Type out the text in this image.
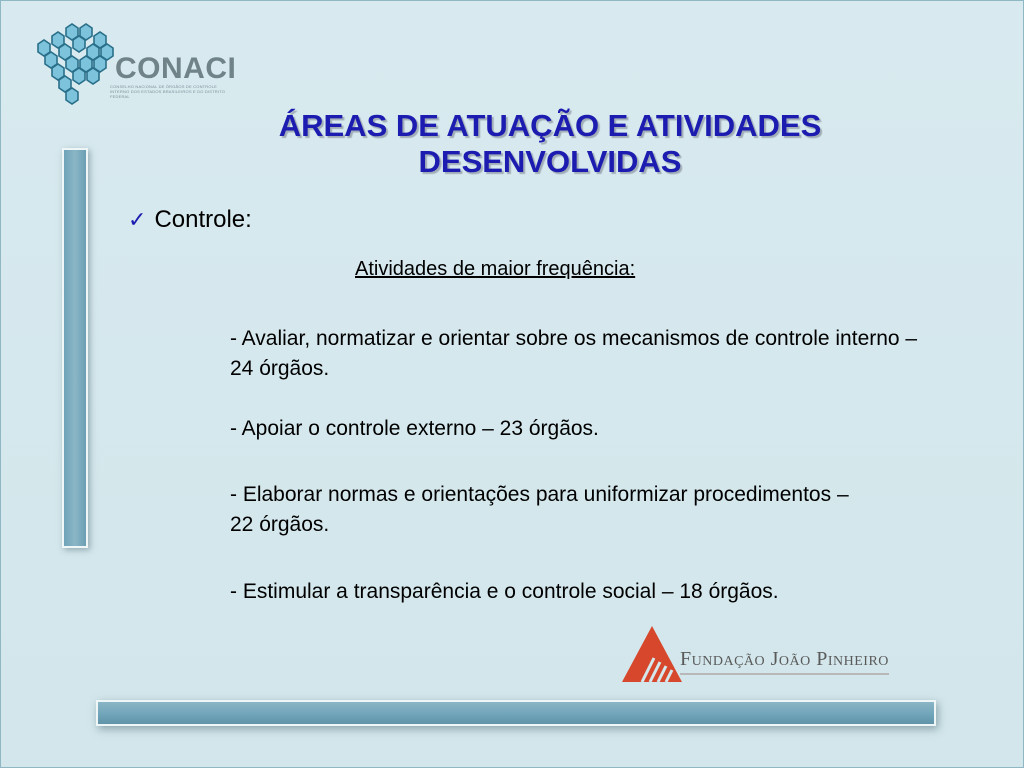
CONACI
CONSELHO NACIONAL DE ÓRGÃOS DE CONTROLE INTERNO DOS ESTADOS BRASILEIROS E DO DISTRITO FEDERAL
ÁREAS DE ATUAÇÃO E ATIVIDADES DESENVOLVIDAS
✓ Controle:
Atividades de maior frequência:

- Avaliar, normatizar e orientar sobre os mecanismos de controle interno – 24 órgãos.

- Apoiar o controle externo – 23 órgãos.

- Elaborar normas e orientações para uniformizar procedimentos – 22 órgãos.

- Estimular a transparência e o controle social – 18 órgãos.

Fundação João Pinheiro
